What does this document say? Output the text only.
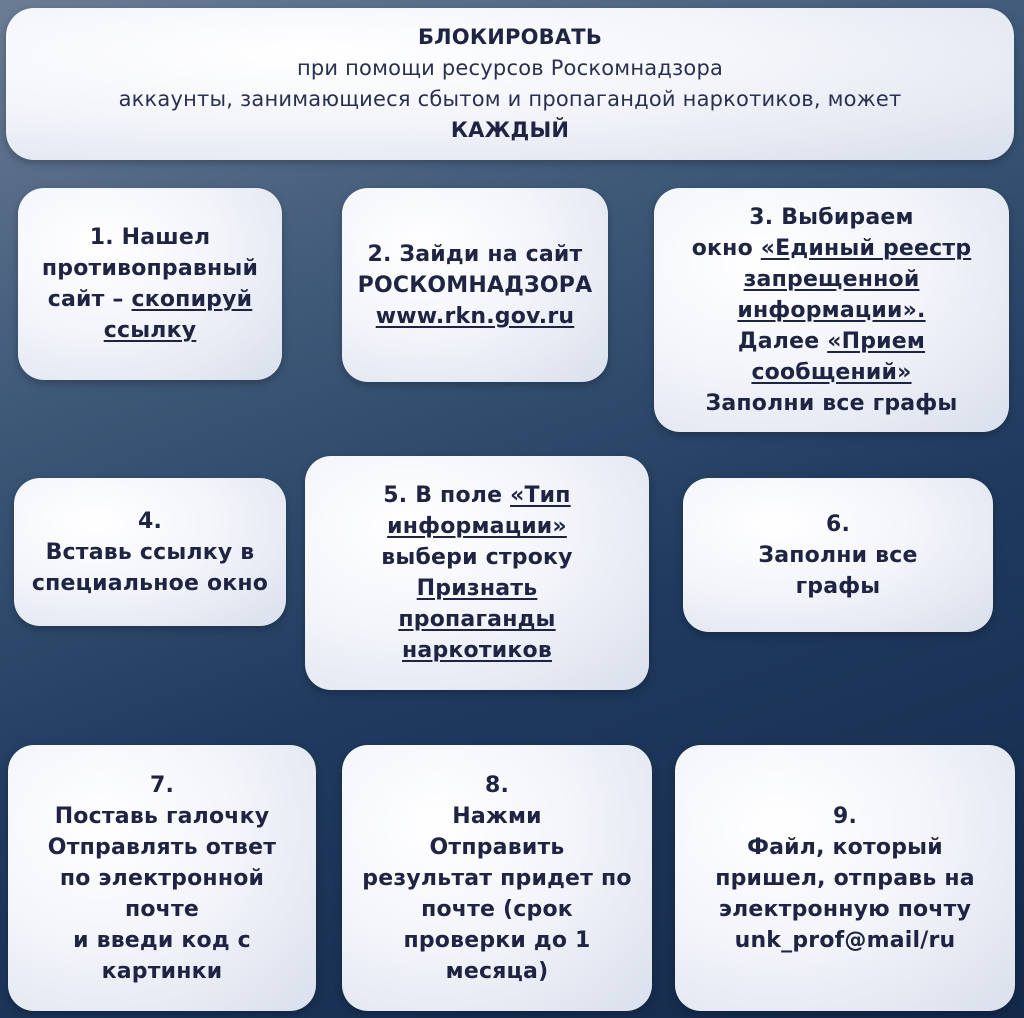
БЛОКИРОВАТЬ
при помощи ресурсов Роскомнадзора
аккаунты, занимающиеся сбытом и пропагандой наркотиков, может
КАЖДЫЙ
1. Нашел
противоправный
сайт – скопируй
ссылку
2. Зайди на сайт
РОСКОМНАДЗОРА
www.rkn.gov.ru
3. Выбираем
окно «Единый реестр
запрещенной
информации».
Далее «Прием
сообщений»
Заполни все графы
4.
Вставь ссылку в
специальное окно
5. В поле «Тип
информации»
выбери строку
Признать
пропаганды
наркотиков
6.
Заполни все
графы
7.
Поставь галочку
Отправлять ответ
по электронной
почте
и введи код с
картинки
8.
Нажми
Отправить
результат придет по
почте (срок
проверки до 1
месяца)
9.
Файл, который
пришел, отправь на
электронную почту
unk_prof@mail/ru
